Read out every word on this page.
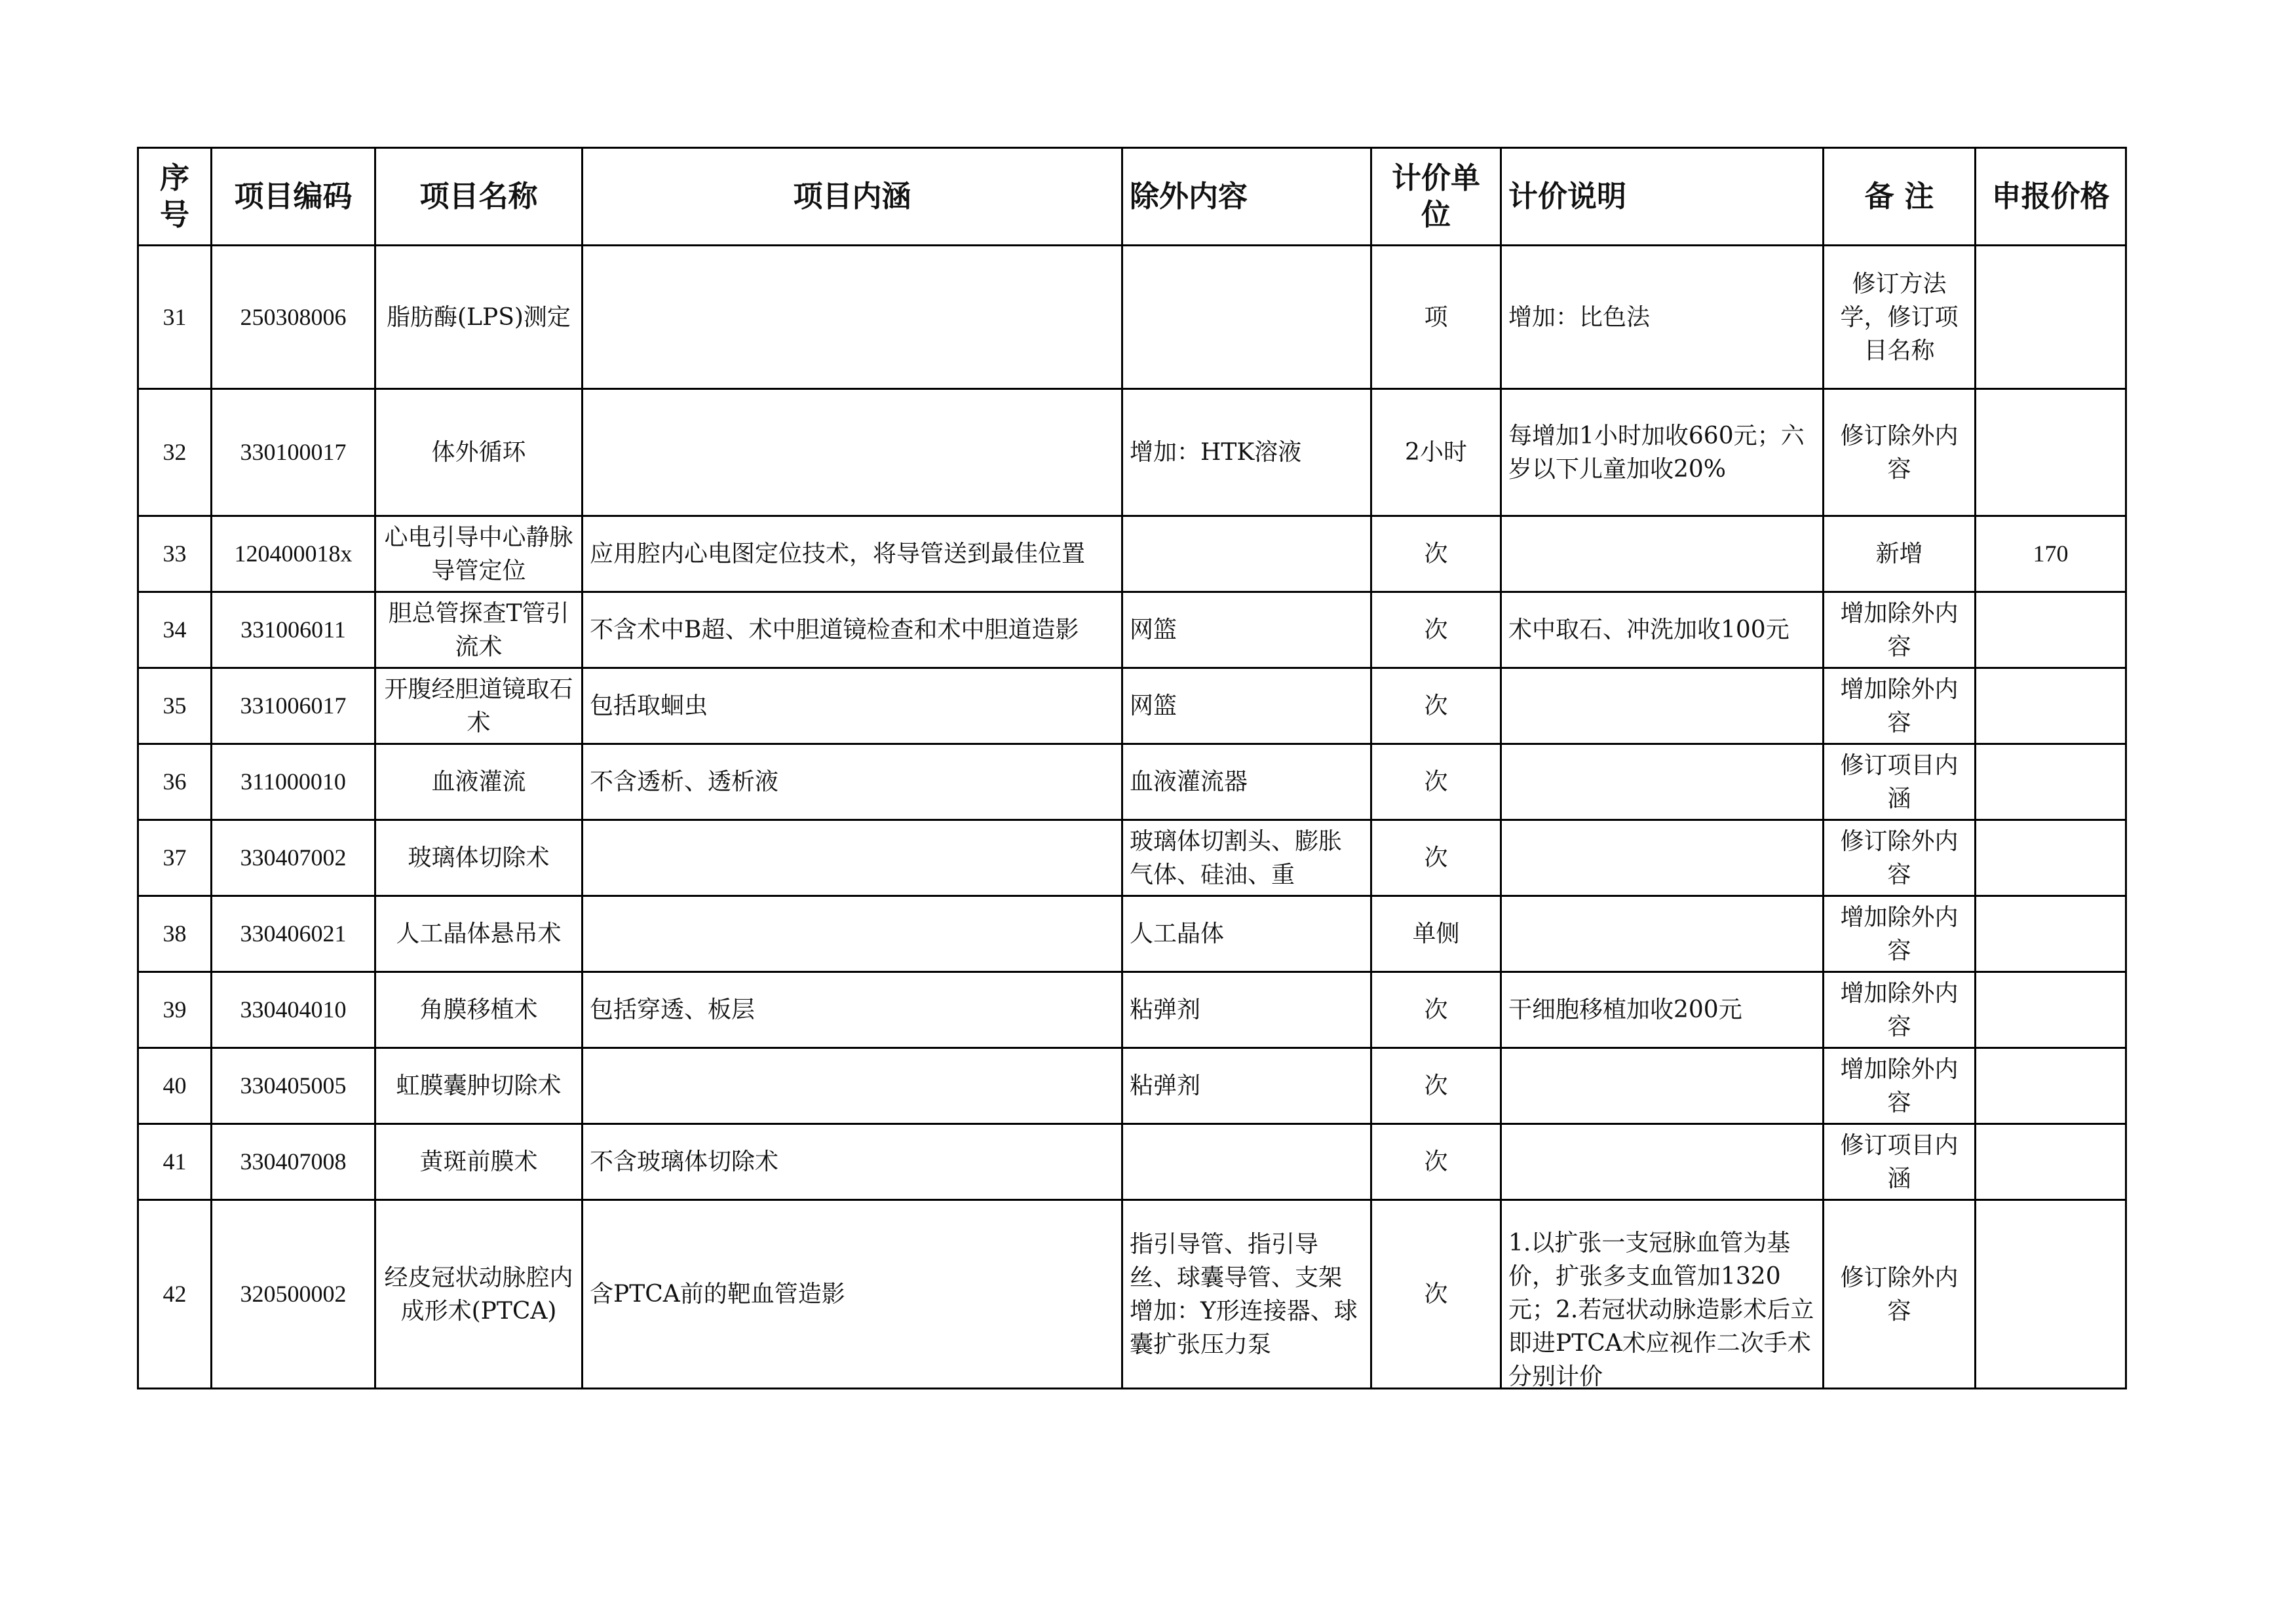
序号	项目编码	项目名称	项目内涵	除外内容	计价单位	计价说明	备 注	申报价格

31	250308006	脂肪酶(LPS)测定			项	增加：比色法	修订方法学，修订项目名称	

32	330100017	体外循环		增加：HTK溶液	2小时	每增加1小时加收660元；六岁以下儿童加收20%	修订除外内容	

33	120400018x	心电引导中心静脉导管定位	应用腔内心电图定位技术，将导管送到最佳位置		次		新增	170

34	331006011	胆总管探查T管引流术	不含术中B超、术中胆道镜检查和术中胆道造影	网篮	次	术中取石、冲洗加收100元	增加除外内容	

35	331006017	开腹经胆道镜取石术	包括取蛔虫	网篮	次		增加除外内容	

36	311000010	血液灌流	不含透析、透析液	血液灌流器	次		修订项目内涵	

37	330407002	玻璃体切除术		玻璃体切割头、膨胀气体、硅油、重	次		修订除外内容	

38	330406021	人工晶体悬吊术		人工晶体	单侧		增加除外内容	

39	330404010	角膜移植术	包括穿透、板层	粘弹剂	次	干细胞移植加收200元	增加除外内容	

40	330405005	虹膜囊肿切除术		粘弹剂	次		增加除外内容	

41	330407008	黄斑前膜术	不含玻璃体切除术		次		修订项目内涵	

42	320500002	经皮冠状动脉腔内成形术(PTCA)	含PTCA前的靶血管造影	指引导管、指引导丝、球囊导管、支架增加：Y形连接器、球囊扩张压力泵	次	1.以扩张一支冠脉血管为基价，扩张多支血管加1320元；2.若冠状动脉造影术后立即进PTCA术应视作二次手术分别计价	修订除外内容	
